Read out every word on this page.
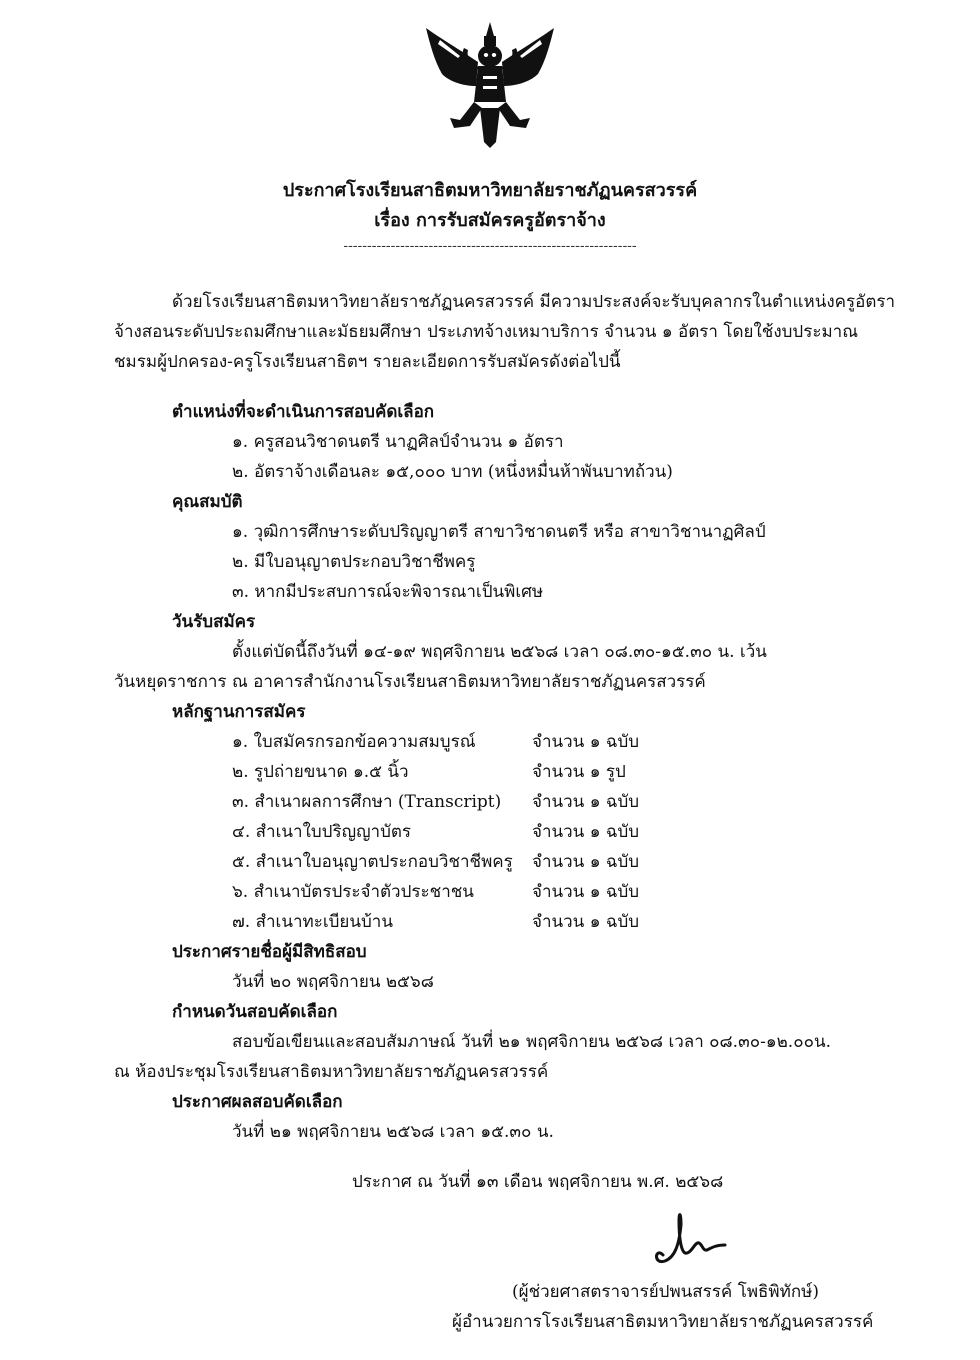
ประกาศโรงเรียนสาธิตมหาวิทยาลัยราชภัฏนครสวรรค์
เรื่อง การรับสมัครครูอัตราจ้าง
--------------------------------------------------------------
ด้วยโรงเรียนสาธิตมหาวิทยาลัยราชภัฏนครสวรรค์ มีความประสงค์จะรับบุคลากรในตำแหน่งครูอัตรา
จ้างสอนระดับประถมศึกษาและมัธยมศึกษา ประเภทจ้างเหมาบริการ จำนวน ๑ อัตรา โดยใช้งบประมาณ
ชมรมผู้ปกครอง-ครูโรงเรียนสาธิตฯ รายละเอียดการรับสมัครดังต่อไปนี้
ตำแหน่งที่จะดำเนินการสอบคัดเลือก
๑. ครูสอนวิชาดนตรี นาฏศิลป์จำนวน ๑ อัตรา
๒. อัตราจ้างเดือนละ ๑๕,๐๐๐ บาท (หนึ่งหมื่นห้าพันบาทถ้วน)
คุณสมบัติ
๑. วุฒิการศึกษาระดับปริญญาตรี สาขาวิชาดนตรี หรือ สาขาวิชานาฏศิลป์
๒. มีใบอนุญาตประกอบวิชาชีพครู
๓. หากมีประสบการณ์จะพิจารณาเป็นพิเศษ
วันรับสมัคร
ตั้งแต่บัดนี้ถึงวันที่ ๑๔-๑๙ พฤศจิกายน ๒๕๖๘ เวลา ๐๘.๓๐-๑๕.๓๐ น. เว้น
วันหยุดราชการ ณ อาคารสำนักงานโรงเรียนสาธิตมหาวิทยาลัยราชภัฏนครสวรรค์
หลักฐานการสมัคร
๑. ใบสมัครกรอกข้อความสมบูรณ์	จำนวน ๑ ฉบับ
๒. รูปถ่ายขนาด ๑.๕ นิ้ว	จำนวน ๑ รูป
๓. สำเนาผลการศึกษา (Transcript) จำนวน ๑ ฉบับ
๔. สำเนาใบปริญญาบัตร	จำนวน ๑ ฉบับ
๕. สำเนาใบอนุญาตประกอบวิชาชีพครู จำนวน ๑ ฉบับ
๖. สำเนาบัตรประจำตัวประชาชน	จำนวน ๑ ฉบับ
๗. สำเนาทะเบียนบ้าน	จำนวน ๑ ฉบับ
ประกาศรายชื่อผู้มีสิทธิสอบ
วันที่ ๒๐ พฤศจิกายน ๒๕๖๘
กำหนดวันสอบคัดเลือก
สอบข้อเขียนและสอบสัมภาษณ์ วันที่ ๒๑ พฤศจิกายน ๒๕๖๘ เวลา ๐๘.๓๐-๑๒.๐๐น.
ณ ห้องประชุมโรงเรียนสาธิตมหาวิทยาลัยราชภัฏนครสวรรค์
ประกาศผลสอบคัดเลือก
วันที่ ๒๑ พฤศจิกายน ๒๕๖๘ เวลา ๑๕.๓๐ น.
ประกาศ ณ วันที่ ๑๓ เดือน พฤศจิกายน พ.ศ. ๒๕๖๘
(ผู้ช่วยศาสตราจารย์ปพนสรรค์ โพธิพิทักษ์)
ผู้อำนวยการโรงเรียนสาธิตมหาวิทยาลัยราชภัฏนครสวรรค์
